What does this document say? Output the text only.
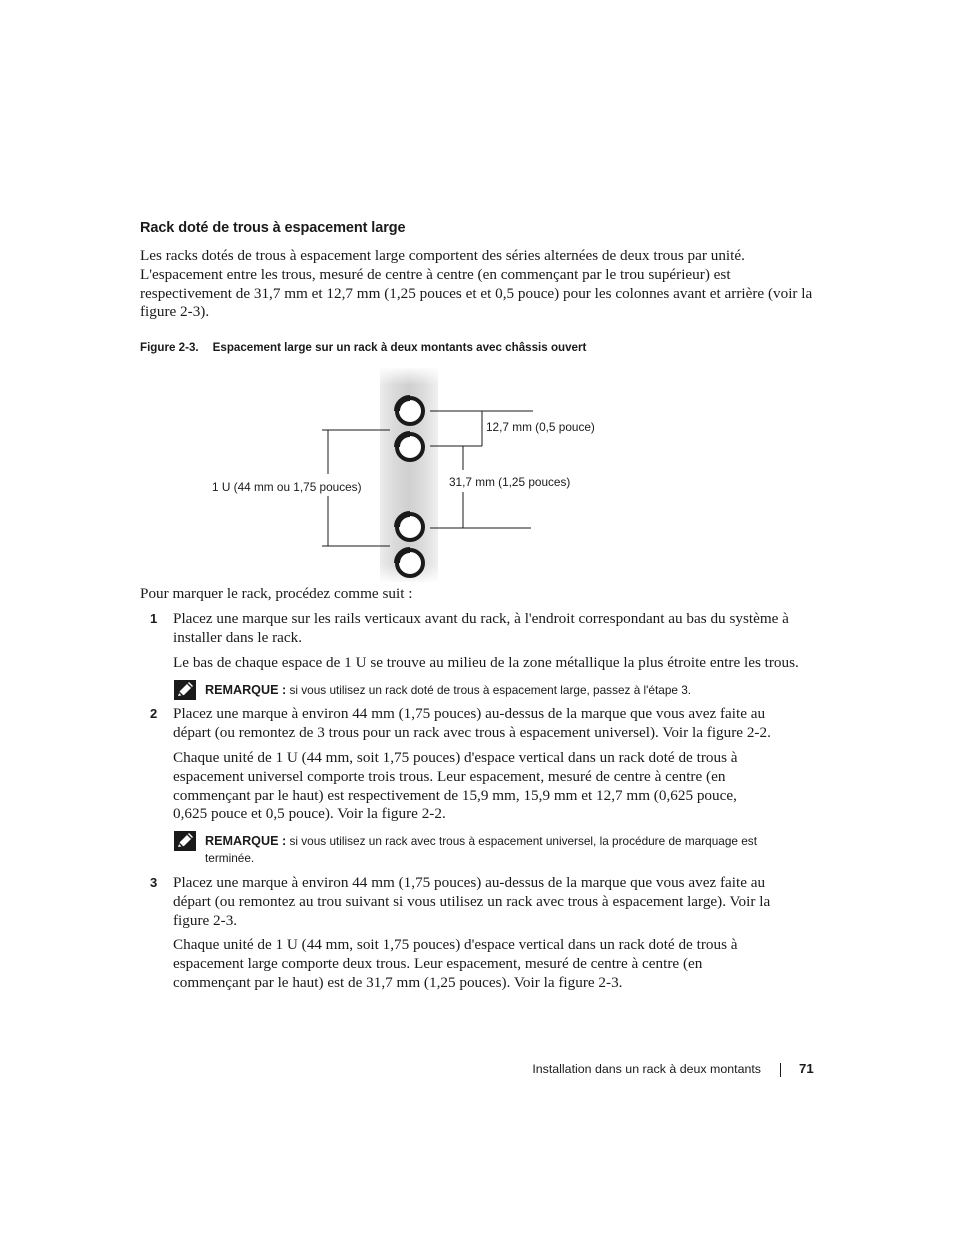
Rack doté de trous à espacement large
Les racks dotés de trous à espacement large comportent des séries alternées de deux trous par unité. L'espacement entre les trous, mesuré de centre à centre (en commençant par le trou supérieur) est respectivement de 31,7 mm et 12,7 mm (1,25 pouces et et 0,5 pouce) pour les colonnes avant et arrière (voir la figure 2-3).
Figure 2-3. Espacement large sur un rack à deux montants avec châssis ouvert
1 U (44 mm ou 1,75 pouces)
12,7 mm (0,5 pouce)
31,7 mm (1,25 pouces)
Pour marquer le rack, procédez comme suit :
1 Placez une marque sur les rails verticaux avant du rack, à l'endroit correspondant au bas du système à installer dans le rack.
Le bas de chaque espace de 1 U se trouve au milieu de la zone métallique la plus étroite entre les trous.
REMARQUE : si vous utilisez un rack doté de trous à espacement large, passez à l'étape 3.
2 Placez une marque à environ 44 mm (1,75 pouces) au-dessus de la marque que vous avez faite au départ (ou remontez de 3 trous pour un rack avec trous à espacement universel). Voir la figure 2-2.
Chaque unité de 1 U (44 mm, soit 1,75 pouces) d'espace vertical dans un rack doté de trous à espacement universel comporte trois trous. Leur espacement, mesuré de centre à centre (en commençant par le haut) est respectivement de 15,9 mm, 15,9 mm et 12,7 mm (0,625 pouce, 0,625 pouce et 0,5 pouce). Voir la figure 2-2.
REMARQUE : si vous utilisez un rack avec trous à espacement universel, la procédure de marquage est terminée.
3 Placez une marque à environ 44 mm (1,75 pouces) au-dessus de la marque que vous avez faite au départ (ou remontez au trou suivant si vous utilisez un rack avec trous à espacement large). Voir la figure 2-3.
Chaque unité de 1 U (44 mm, soit 1,75 pouces) d'espace vertical dans un rack doté de trous à espacement large comporte deux trous. Leur espacement, mesuré de centre à centre (en commençant par le haut) est de 31,7 mm (1,25 pouces). Voir la figure 2-3.
Installation dans un rack à deux montants	71
